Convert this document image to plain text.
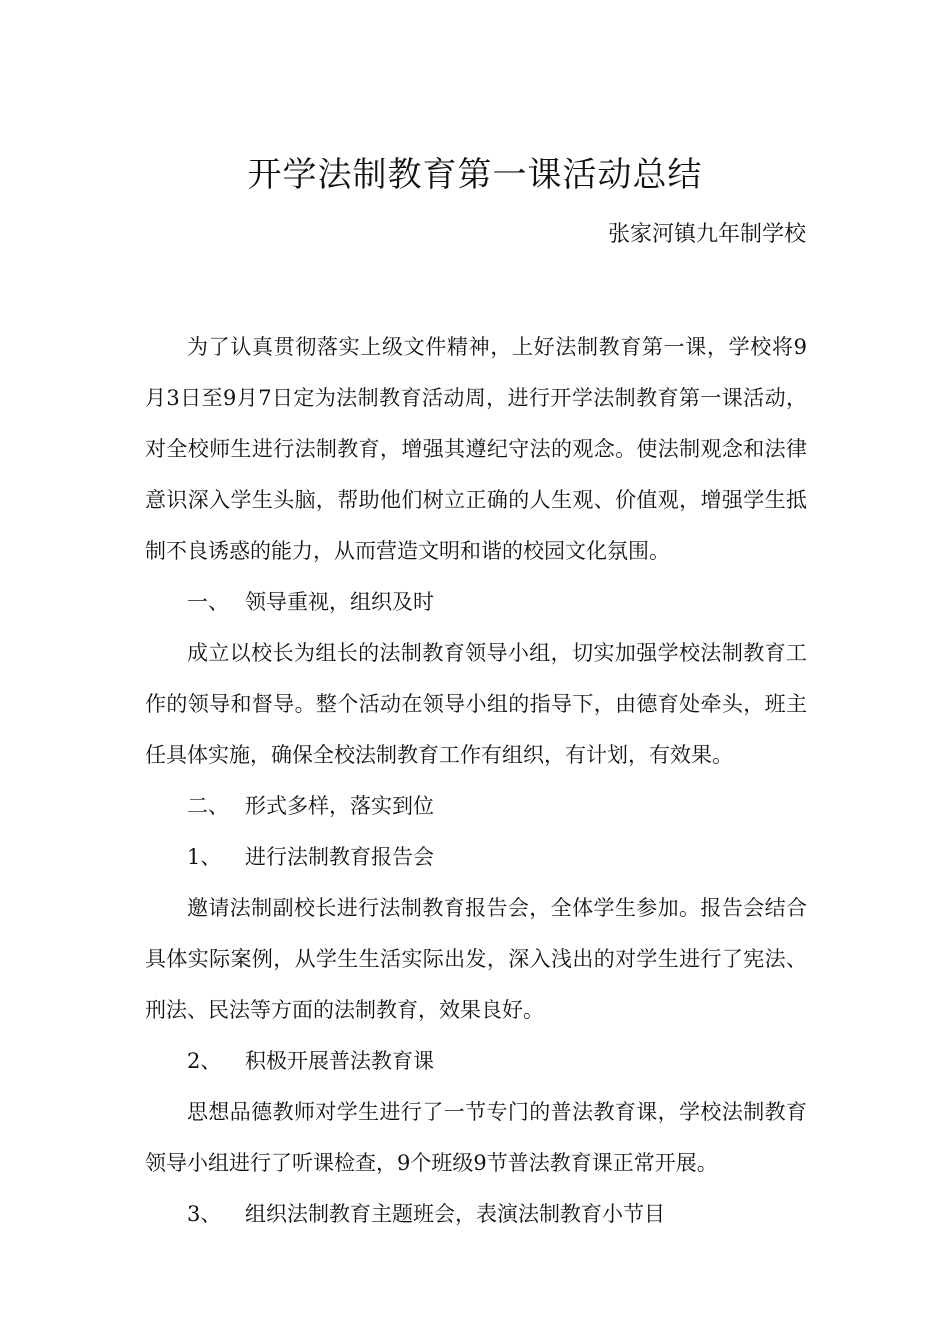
开学法制教育第一课活动总结

张家河镇九年制学校

为了认真贯彻落实上级文件精神，上好法制教育第一课，学校将9月3日至9月7日定为法制教育活动周，进行开学法制教育第一课活动，对全校师生进行法制教育，增强其遵纪守法的观念。使法制观念和法律意识深入学生头脑，帮助他们树立正确的人生观、价值观，增强学生抵制不良诱惑的能力，从而营造文明和谐的校园文化氛围。

一、 领导重视，组织及时

成立以校长为组长的法制教育领导小组，切实加强学校法制教育工作的领导和督导。整个活动在领导小组的指导下，由德育处牵头，班主任具体实施，确保全校法制教育工作有组织，有计划，有效果。

二、 形式多样，落实到位

1、 进行法制教育报告会

邀请法制副校长进行法制教育报告会，全体学生参加。报告会结合具体实际案例，从学生生活实际出发，深入浅出的对学生进行了宪法、刑法、民法等方面的法制教育，效果良好。

2、 积极开展普法教育课

思想品德教师对学生进行了一节专门的普法教育课，学校法制教育领导小组进行了听课检查，9个班级9节普法教育课正常开展。

3、 组织法制教育主题班会，表演法制教育小节目
